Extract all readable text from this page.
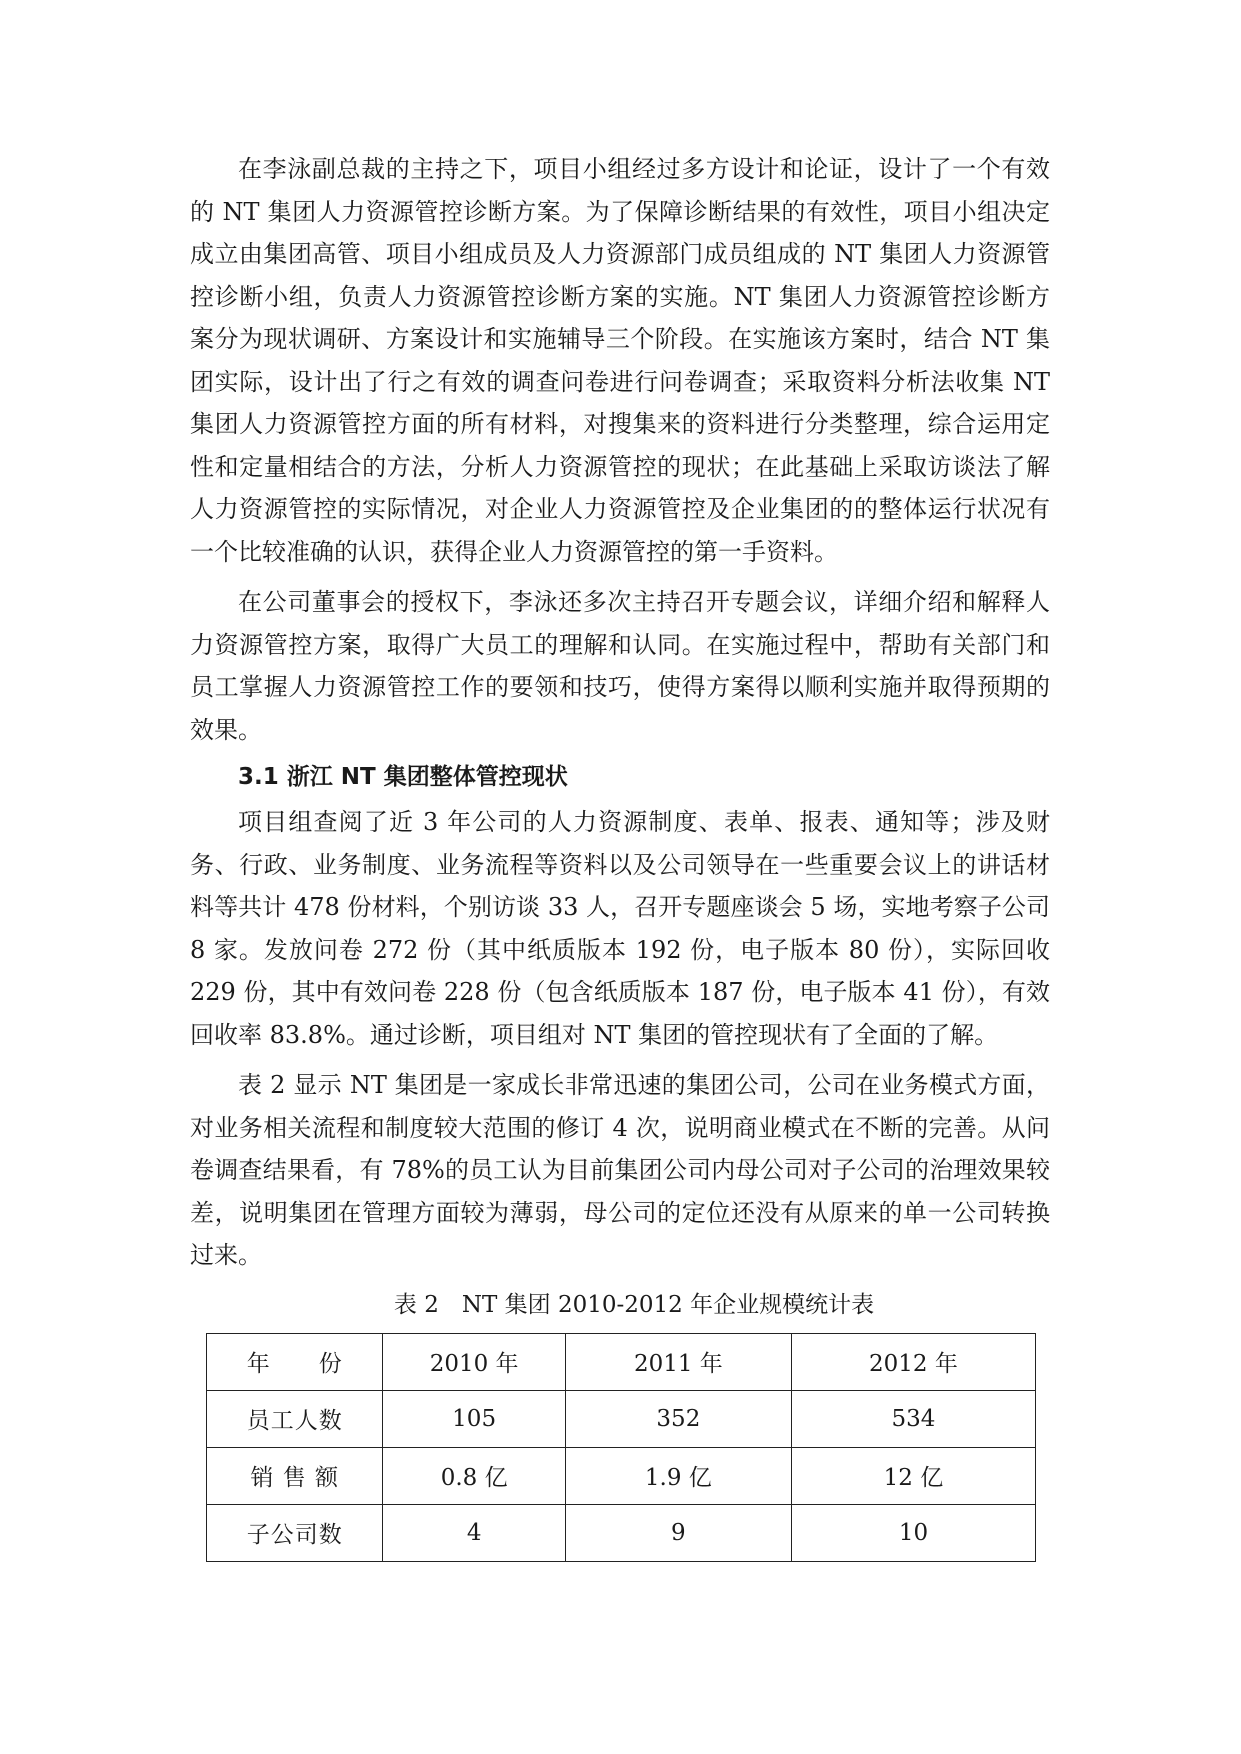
在李泳副总裁的主持之下，项目小组经过多方设计和论证，设计了一个有效的 NT 集团人力资源管控诊断方案。为了保障诊断结果的有效性，项目小组决定成立由集团高管、项目小组成员及人力资源部门成员组成的 NT 集团人力资源管控诊断小组，负责人力资源管控诊断方案的实施。NT 集团人力资源管控诊断方案分为现状调研、方案设计和实施辅导三个阶段。在实施该方案时，结合 NT 集团实际，设计出了行之有效的调查问卷进行问卷调查；采取资料分析法收集 NT 集团人力资源管控方面的所有材料，对搜集来的资料进行分类整理，综合运用定性和定量相结合的方法，分析人力资源管控的现状；在此基础上采取访谈法了解人力资源管控的实际情况，对企业人力资源管控及企业集团的的整体运行状况有一个比较准确的认识，获得企业人力资源管控的第一手资料。

在公司董事会的授权下，李泳还多次主持召开专题会议，详细介绍和解释人力资源管控方案，取得广大员工的理解和认同。在实施过程中，帮助有关部门和员工掌握人力资源管控工作的要领和技巧，使得方案得以顺利实施并取得预期的效果。

3.1 浙江 NT 集团整体管控现状

项目组查阅了近 3 年公司的人力资源制度、表单、报表、通知等；涉及财务、行政、业务制度、业务流程等资料以及公司领导在一些重要会议上的讲话材料等共计 478 份材料，个别访谈 33 人，召开专题座谈会 5 场，实地考察子公司 8 家。发放问卷 272 份（其中纸质版本 192 份，电子版本 80 份），实际回收 229 份，其中有效问卷 228 份（包含纸质版本 187 份，电子版本 41 份），有效回收率 83.8%。通过诊断，项目组对 NT 集团的管控现状有了全面的了解。

表 2 显示 NT 集团是一家成长非常迅速的集团公司，公司在业务模式方面，对业务相关流程和制度较大范围的修订 4 次，说明商业模式在不断的完善。从问卷调查结果看，有 78%的员工认为目前集团公司内母公司对子公司的治理效果较差，说明集团在管理方面较为薄弱，母公司的定位还没有从原来的单一公司转换过来。

表 2　NT 集团 2010-2012 年企业规模统计表
年　　份	2010 年	2011 年	2012 年
员工人数	105	352	534
销 售 额	0.8 亿	1.9 亿	12 亿
子公司数	4	9	10
